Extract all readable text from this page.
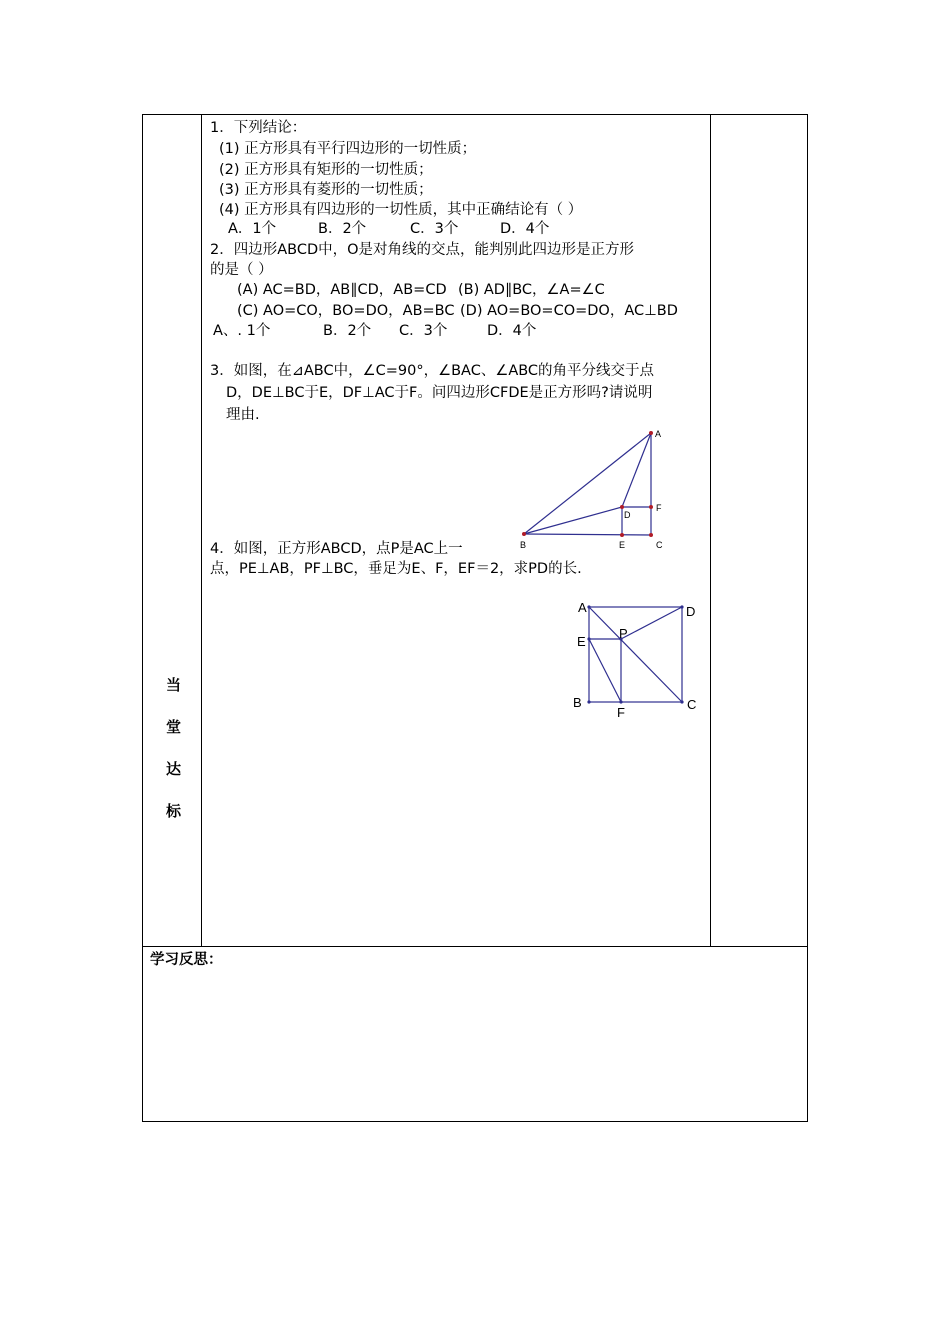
当
堂
达
标
1．下列结论：
(1) 正方形具有平行四边形的一切性质；
(2) 正方形具有矩形的一切性质；
(3) 正方形具有菱形的一切性质；
(4) 正方形具有四边形的一切性质，其中正确结论有（ ）
A．1个	B．2个	C．3个	D．4个
2．四边形ABCD中，O是对角线的交点，能判别此四边形是正方形
的是（ ）
(A) AC=BD，AB∥CD，AB=CD (B) AD∥BC，∠A=∠C
(C) AO=CO，BO=DO，AB=BC (D) AO=BO=CO=DO，AC⊥BD
A、. 1个	B．2个 C．3个	D．4个
3．如图，在⊿ABC中，∠C=90°，∠BAC、∠ABC的角平分线交于点
D，DE⊥BC于E，DF⊥AC于F。问四边形CFDE是正方形吗?请说明
理由.
A
B	C
D
E
F
4．如图，正方形ABCD，点P是AC上一
点，PE⊥AB，PF⊥BC，垂足为E、F，EF＝2，求PD的长.
A	D
P
E
B
F
C
学习反思：
